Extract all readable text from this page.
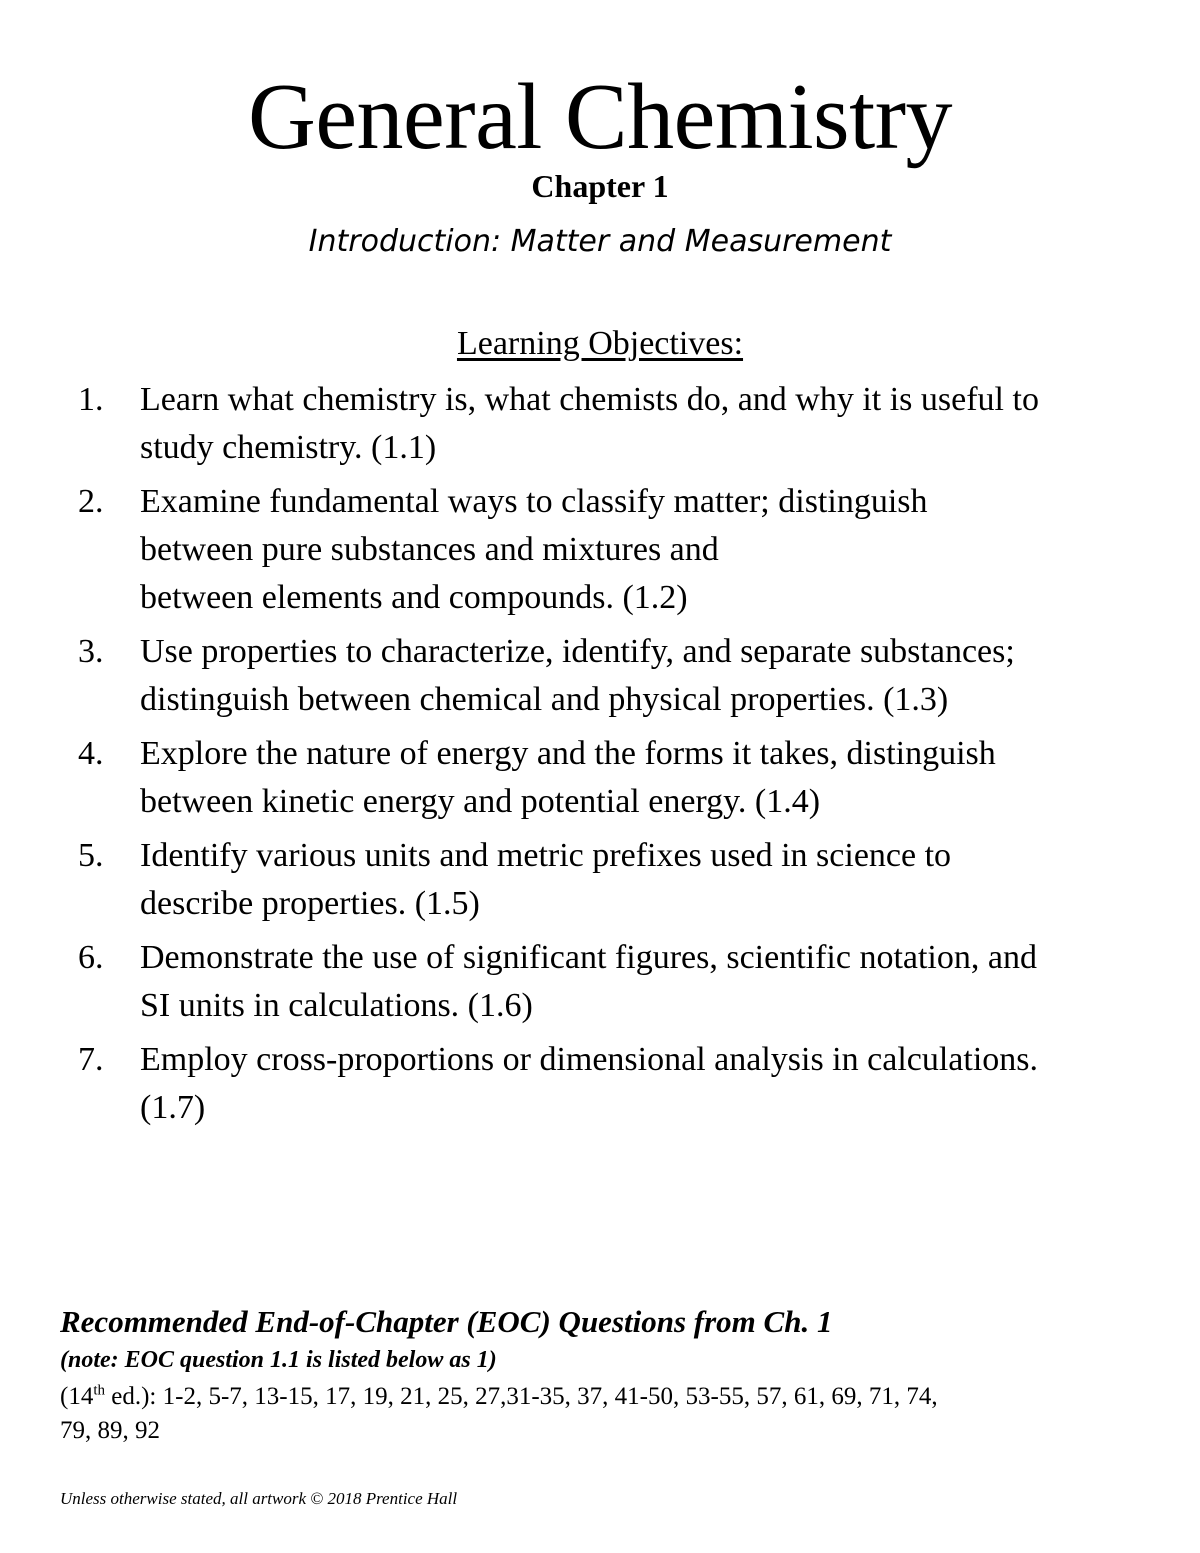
General Chemistry
Chapter 1
Introduction: Matter and Measurement
Learning Objectives:
1. Learn what chemistry is, what chemists do, and why it is useful to
study chemistry. (1.1)
2. Examine fundamental ways to classify matter; distinguish
between pure substances and mixtures and
between elements and compounds. (1.2)
3. Use properties to characterize, identify, and separate substances;
distinguish between chemical and physical properties. (1.3)
4. Explore the nature of energy and the forms it takes, distinguish
between kinetic energy and potential energy. (1.4)
5. Identify various units and metric prefixes used in science to
describe properties. (1.5)
6. Demonstrate the use of significant figures, scientific notation, and
SI units in calculations. (1.6)
7. Employ cross-proportions or dimensional analysis in calculations.
(1.7)
Recommended End-of-Chapter (EOC) Questions from Ch. 1
(note: EOC question 1.1 is listed below as 1)
(14th ed.): 1-2, 5-7, 13-15, 17, 19, 21, 25, 27,31-35, 37, 41-50, 53-55, 57, 61, 69, 71, 74,
79, 89, 92
Unless otherwise stated, all artwork © 2018 Prentice Hall
